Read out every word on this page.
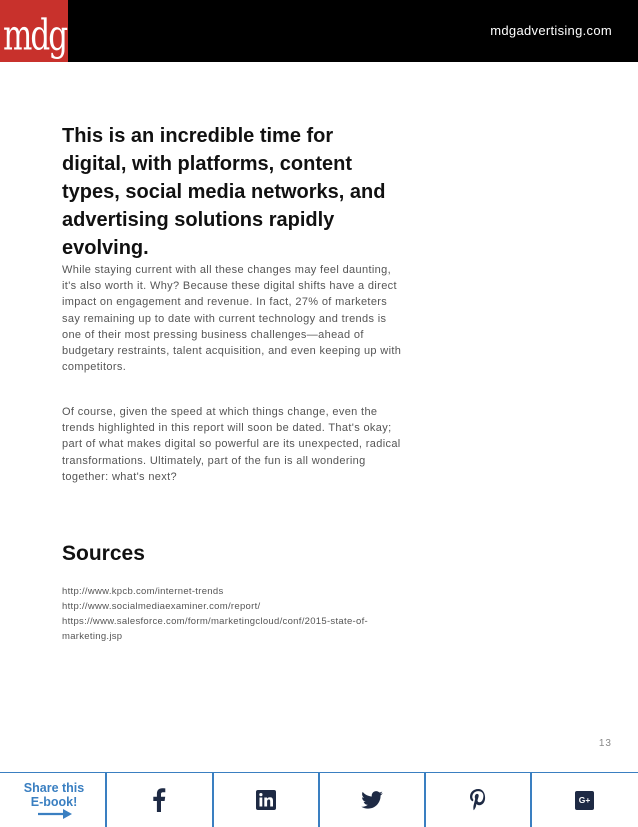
mdg	mdgadvertising.com
This is an incredible time for digital, with platforms, content types, social media networks, and advertising solutions rapidly evolving.

While staying current with all these changes may feel daunting, it's also worth it. Why? Because these digital shifts have a direct impact on engagement and revenue. In fact, 27% of marketers say remaining up to date with current technology and trends is one of their most pressing business challenges—ahead of budgetary restraints, talent acquisition, and even keeping up with competitors.

Of course, given the speed at which things change, even the trends highlighted in this report will soon be dated. That's okay; part of what makes digital so powerful are its unexpected, radical transformations. Ultimately, part of the fun is all wondering together: what's next?

Sources
http://www.kpcb.com/internet-trends
http://www.socialmediaexaminer.com/report/
https://www.salesforce.com/form/marketingcloud/conf/2015-state-of-marketing.jsp
13
Share this
E-book!	G+
